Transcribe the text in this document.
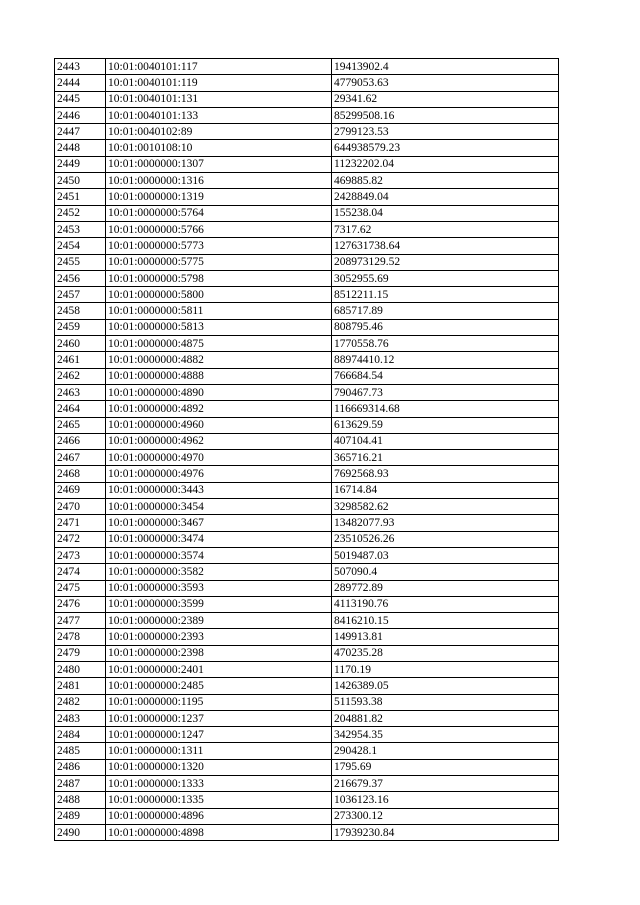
2443	10:01:0040101:117	19413902.4
2444	10:01:0040101:119	4779053.63
2445	10:01:0040101:131	29341.62
2446	10:01:0040101:133	85299508.16
2447	10:01:0040102:89	2799123.53
2448	10:01:0010108:10	644938579.23
2449	10:01:0000000:1307	11232202.04
2450	10:01:0000000:1316	469885.82
2451	10:01:0000000:1319	2428849.04
2452	10:01:0000000:5764	155238.04
2453	10:01:0000000:5766	7317.62
2454	10:01:0000000:5773	127631738.64
2455	10:01:0000000:5775	208973129.52
2456	10:01:0000000:5798	3052955.69
2457	10:01:0000000:5800	8512211.15
2458	10:01:0000000:5811	685717.89
2459	10:01:0000000:5813	808795.46
2460	10:01:0000000:4875	1770558.76
2461	10:01:0000000:4882	88974410.12
2462	10:01:0000000:4888	766684.54
2463	10:01:0000000:4890	790467.73
2464	10:01:0000000:4892	116669314.68
2465	10:01:0000000:4960	613629.59
2466	10:01:0000000:4962	407104.41
2467	10:01:0000000:4970	365716.21
2468	10:01:0000000:4976	7692568.93
2469	10:01:0000000:3443	16714.84
2470	10:01:0000000:3454	3298582.62
2471	10:01:0000000:3467	13482077.93
2472	10:01:0000000:3474	23510526.26
2473	10:01:0000000:3574	5019487.03
2474	10:01:0000000:3582	507090.4
2475	10:01:0000000:3593	289772.89
2476	10:01:0000000:3599	4113190.76
2477	10:01:0000000:2389	8416210.15
2478	10:01:0000000:2393	149913.81
2479	10:01:0000000:2398	470235.28
2480	10:01:0000000:2401	1170.19
2481	10:01:0000000:2485	1426389.05
2482	10:01:0000000:1195	511593.38
2483	10:01:0000000:1237	204881.82
2484	10:01:0000000:1247	342954.35
2485	10:01:0000000:1311	290428.1
2486	10:01:0000000:1320	1795.69
2487	10:01:0000000:1333	216679.37
2488	10:01:0000000:1335	1036123.16
2489	10:01:0000000:4896	273300.12
2490	10:01:0000000:4898	17939230.84
